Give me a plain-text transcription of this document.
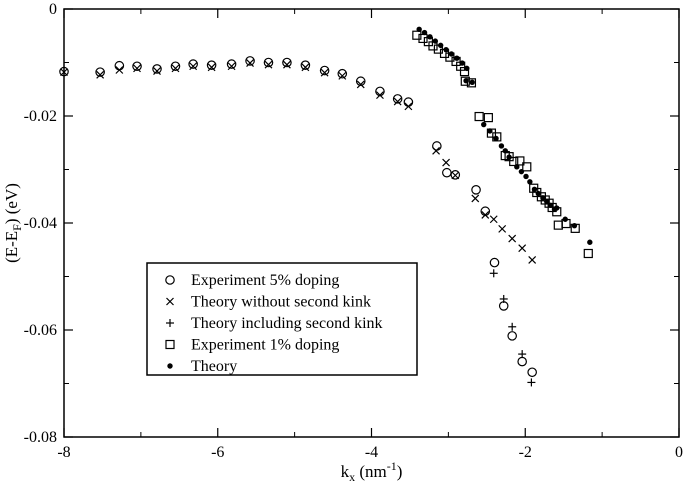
-8	-6	-4	-2	0
0
-0.02
-0.04
-0.06
-0.08
Experiment 5% doping
Theory without second kink
Theory including second kink
Experiment 1% doping
Theory
$k_x$ $(nm^{-1})$
$(E-E_F)$ (eV)
